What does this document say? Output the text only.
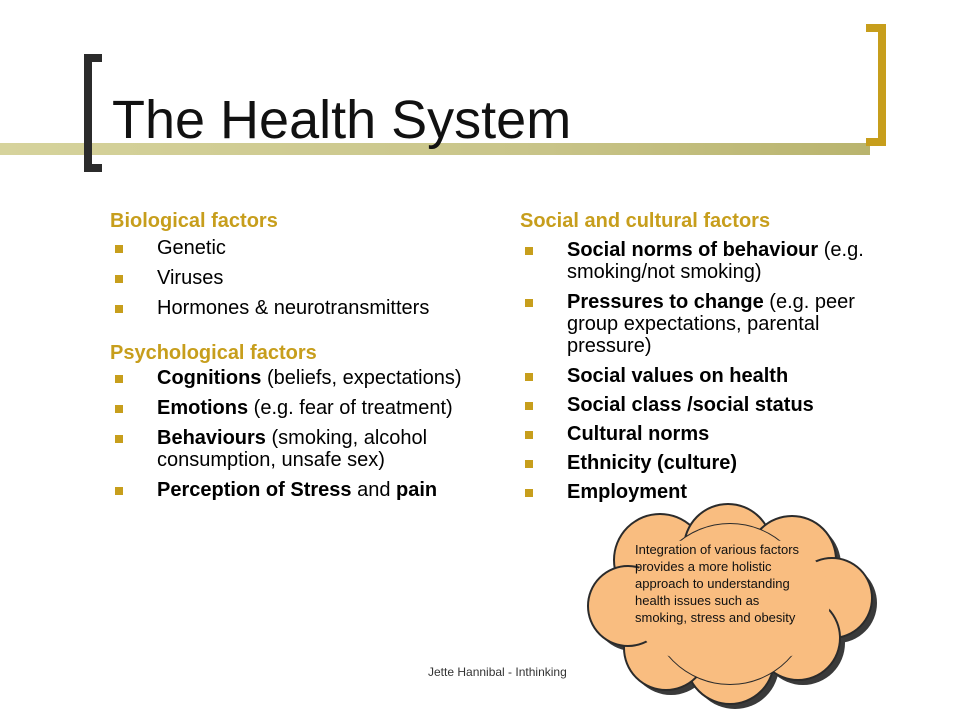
The Health System
Biological factors
Genetic
Viruses
Hormones & neurotransmitters
Psychological factors
Cognitions (beliefs, expectations)
Emotions (e.g. fear of treatment)
Behaviours (smoking, alcohol consumption, unsafe sex)
Perception of Stress and pain
Social and cultural factors
Social norms of behaviour (e.g. smoking/not smoking)
Pressures to change (e.g. peer group expectations, parental pressure)
Social values on health
Social class /social status
Cultural norms
Ethnicity (culture)
Employment
Integration of various factors provides a more holistic approach to understanding health issues such as smoking, stress and obesity
Jette Hannibal - Inthinking
